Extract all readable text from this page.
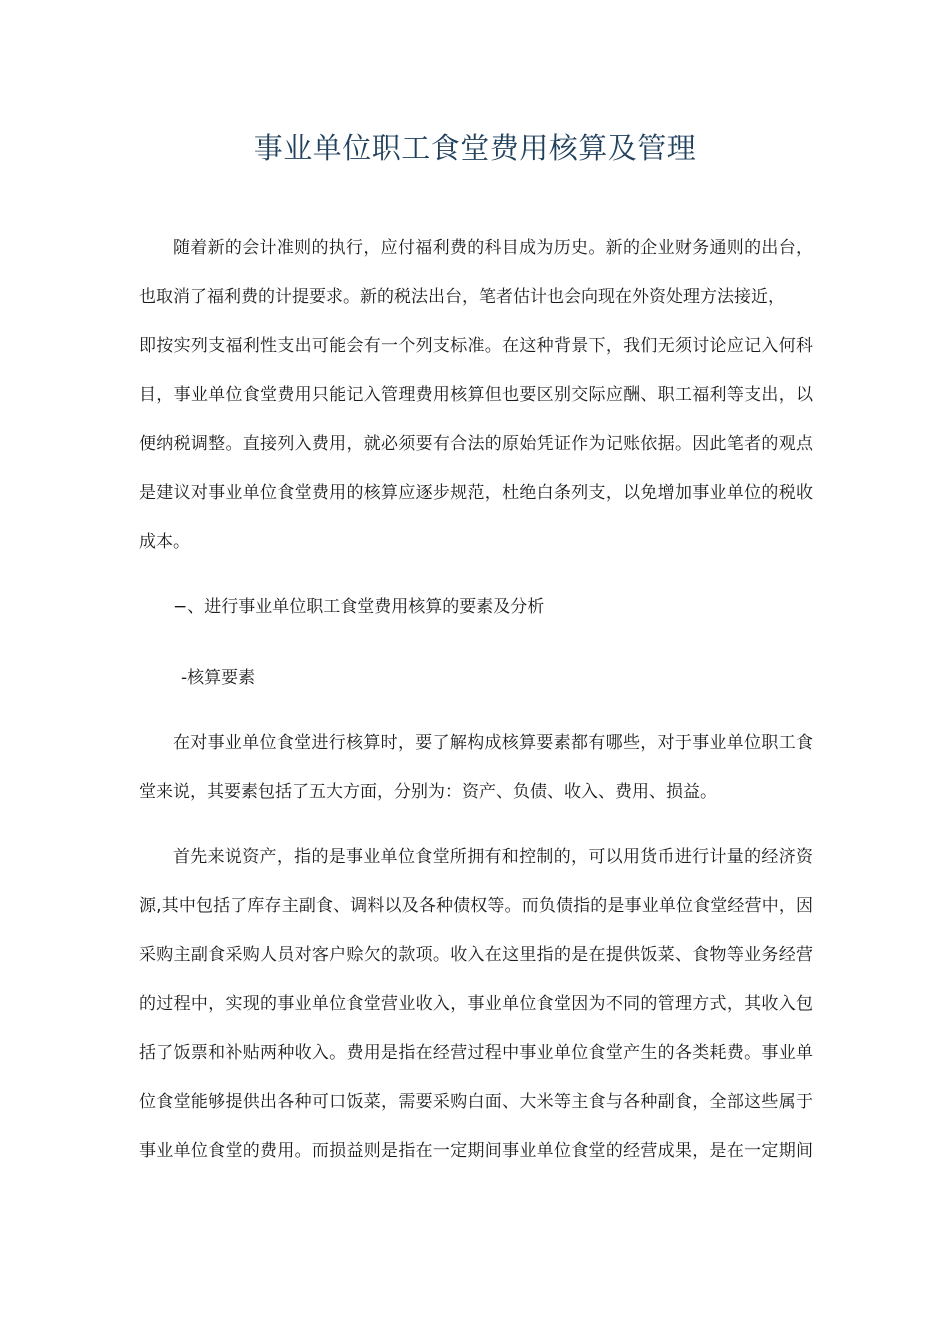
事业单位职工食堂费用核算及管理
随着新的会计准则的执行，应付福利费的科目成为历史。新的企业财务通则的出台，
也取消了福利费的计提要求。新的税法出台，笔者估计也会向现在外资处理方法接近，
即按实列支福利性支出可能会有一个列支标准。在这种背景下，我们无须讨论应记入何科
目，事业单位食堂费用只能记入管理费用核算但也要区别交际应酬、职工福利等支出，以
便纳税调整。直接列入费用，就必须要有合法的原始凭证作为记账依据。因此笔者的观点
是建议对事业单位食堂费用的核算应逐步规范，杜绝白条列支，以免增加事业单位的税收
成本。
−、进行事业单位职工食堂费用核算的要素及分析
-核算要素
在对事业单位食堂进行核算时，要了解构成核算要素都有哪些，对于事业单位职工食
堂来说，其要素包括了五大方面，分别为：资产、负债、收入、费用、损益。
首先来说资产，指的是事业单位食堂所拥有和控制的，可以用货币进行计量的经济资
源,其中包括了库存主副食、调料以及各种债权等。而负债指的是事业单位食堂经营中，因
采购主副食采购人员对客户赊欠的款项。收入在这里指的是在提供饭菜、食物等业务经营
的过程中，实现的事业单位食堂营业收入，事业单位食堂因为不同的管理方式，其收入包
括了饭票和补贴两种收入。费用是指在经营过程中事业单位食堂产生的各类耗费。事业单
位食堂能够提供出各种可口饭菜，需要采购白面、大米等主食与各种副食，全部这些属于
事业单位食堂的费用。而损益则是指在一定期间事业单位食堂的经营成果，是在一定期间
